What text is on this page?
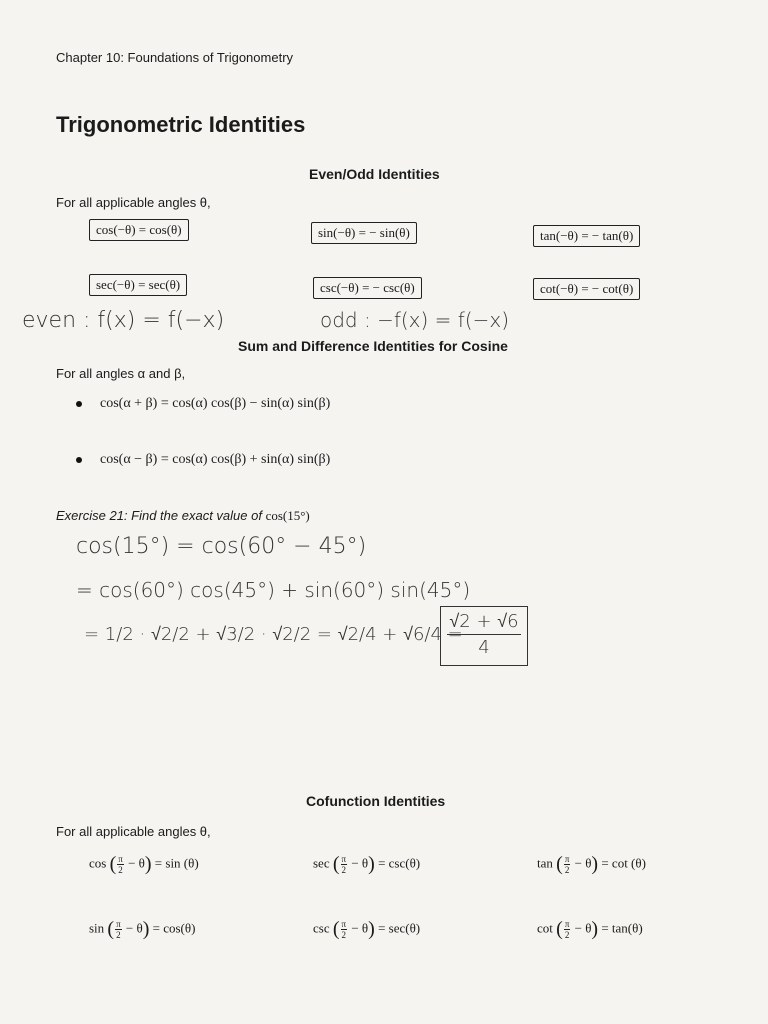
Chapter 10: Foundations of Trigonometry
Trigonometric Identities
Even/Odd Identities
For all applicable angles θ,
cos(−θ) = cos(θ)	sin(−θ) = − sin(θ)	tan(−θ) = − tan(θ)
sec(−θ) = sec(θ)	csc(−θ) = − csc(θ)	cot(−θ) = − cot(θ)
even : f(x) = f(−x)	odd : −f(x) = f(−x)
Sum and Difference Identities for Cosine
For all angles α and β,
cos(α + β) = cos(α) cos(β) − sin(α) sin(β)
cos(α − β) = cos(α) cos(β) + sin(α) sin(β)
Exercise 21: Find the exact value of cos(15°)
cos(15°) = cos(60° − 45°)
= cos(60°) cos(45°) + sin(60°) sin(45°)
= 1/2 · √2/2 + √3/2 · √2/2 = √2/4 + √6/4 =
$\frac{√2 + √6}{4}$
Cofunction Identities
For all applicable angles θ,
cos ( $\frac{\pi}{2} - \theta) = \sin (\theta)$	sec ( $\frac{\pi}{2} - \theta) = \csc(\theta)$	tan ( $\frac{\pi}{2} - \theta) = \cot (\theta)$
sin ( $\frac{\pi}{2} - \theta) = \cos(\theta)$	csc ( $\frac{\pi}{2} - \theta) = \sec(\theta)$	cot ( $\frac{\pi}{2} - \theta) = \tan(\theta)$
